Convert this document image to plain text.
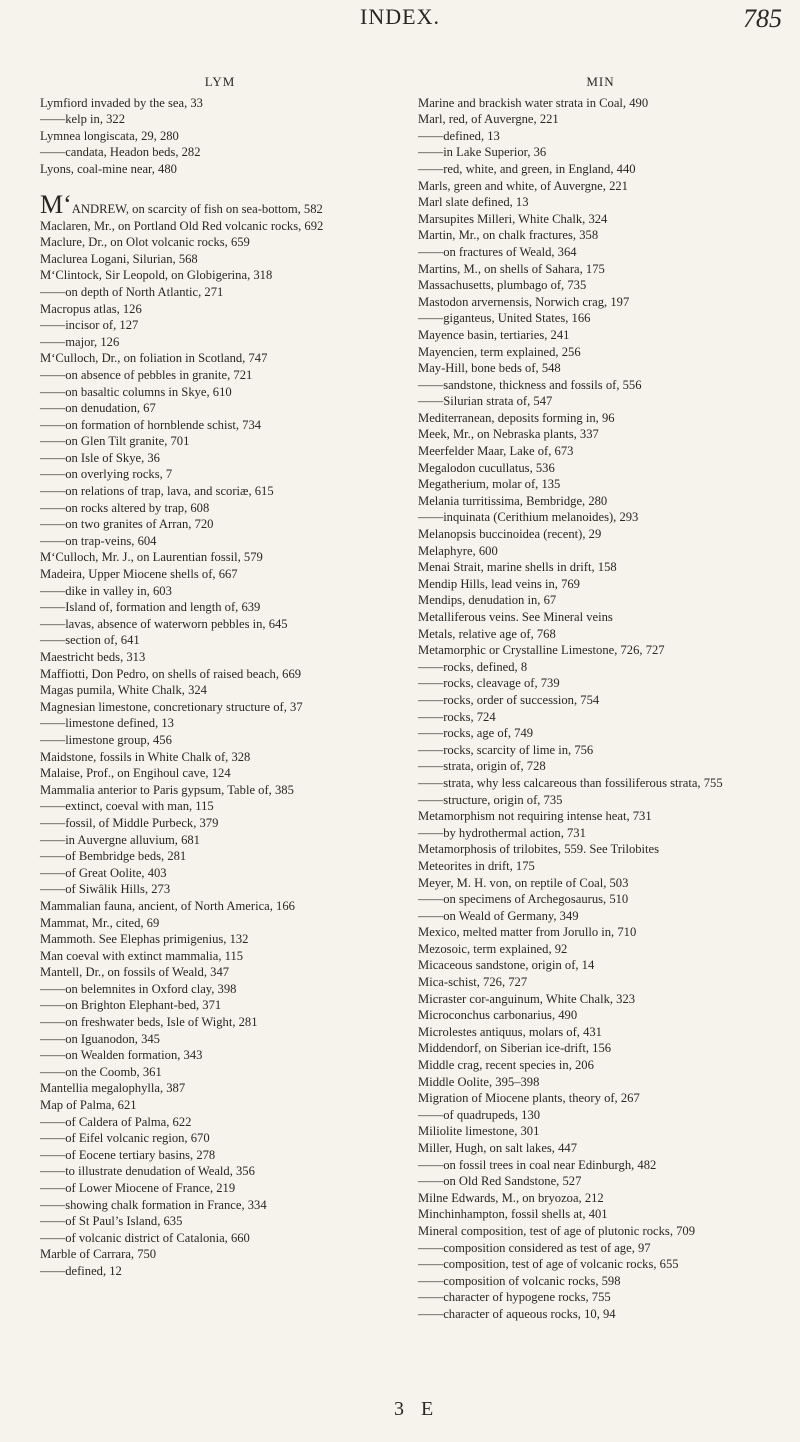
INDEX.	785
LYM
Lymfiord invaded by the sea, 33
—— kelp in, 322
Lymnea longiscata, 29, 280
—— candata, Headon beds, 282
Lyons, coal-mine near, 480
M‘ANDREW, on scarcity of fish on sea-bottom, 582
Maclaren, Mr., on Portland Old Red volcanic rocks, 692
Maclure, Dr., on Olot volcanic rocks, 659
Maclurea Logani, Silurian, 568
M‘Clintock, Sir Leopold, on Globigerina, 318
—— on depth of North Atlantic, 271
Macropus atlas, 126
—— incisor of, 127
—— major, 126
M‘Culloch, Dr., on foliation in Scotland, 747
—— on absence of pebbles in granite, 721
—— on basaltic columns in Skye, 610
—— on denudation, 67
—— on formation of hornblende schist, 734
—— on Glen Tilt granite, 701
—— on Isle of Skye, 36
—— on overlying rocks, 7
—— on relations of trap, lava, and scoriæ, 615
—— on rocks altered by trap, 608
—— on two granites of Arran, 720
—— on trap-veins, 604
M‘Culloch, Mr. J., on Laurentian fossil, 579
Madeira, Upper Miocene shells of, 667
—— dike in valley in, 603
—— Island of, formation and length of, 639
—— lavas, absence of waterworn pebbles in, 645
—— section of, 641
Maestricht beds, 313
Maffiotti, Don Pedro, on shells of raised beach, 669
Magas pumila, White Chalk, 324
Magnesian limestone, concretionary structure of, 37
—— limestone defined, 13
—— limestone group, 456
Maidstone, fossils in White Chalk of, 328
Malaise, Prof., on Engihoul cave, 124
Mammalia anterior to Paris gypsum, Table of, 385
—— extinct, coeval with man, 115
—— fossil, of Middle Purbeck, 379
—— in Auvergne alluvium, 681
—— of Bembridge beds, 281
—— of Great Oolite, 403
—— of Siwâlik Hills, 273
Mammalian fauna, ancient, of North America, 166
Mammat, Mr., cited, 69
Mammoth. See Elephas primigenius, 132
Man coeval with extinct mammalia, 115
Mantell, Dr., on fossils of Weald, 347
—— on belemnites in Oxford clay, 398
—— on Brighton Elephant-bed, 371
—— on freshwater beds, Isle of Wight, 281
—— on Iguanodon, 345
—— on Wealden formation, 343
—— on the Coomb, 361
Mantellia megalophylla, 387
Map of Palma, 621
—— of Caldera of Palma, 622
—— of Eifel volcanic region, 670
—— of Eocene tertiary basins, 278
—— to illustrate denudation of Weald, 356
—— of Lower Miocene of France, 219
—— showing chalk formation in France, 334
—— of St Paul’s Island, 635
—— of volcanic district of Catalonia, 660
Marble of Carrara, 750
—— defined, 12
MIN
Marine and brackish water strata in Coal, 490
Marl, red, of Auvergne, 221
—— defined, 13
—— in Lake Superior, 36
—— red, white, and green, in England, 440
Marls, green and white, of Auvergne, 221
Marl slate defined, 13
Marsupites Milleri, White Chalk, 324
Martin, Mr., on chalk fractures, 358
—— on fractures of Weald, 364
Martins, M., on shells of Sahara, 175
Massachusetts, plumbago of, 735
Mastodon arvernensis, Norwich crag, 197
—— giganteus, United States, 166
Mayence basin, tertiaries, 241
Mayencien, term explained, 256
May-Hill, bone beds of, 548
—— sandstone, thickness and fossils of, 556
—— Silurian strata of, 547
Mediterranean, deposits forming in, 96
Meek, Mr., on Nebraska plants, 337
Meerfelder Maar, Lake of, 673
Megalodon cucullatus, 536
Megatherium, molar of, 135
Melania turritissima, Bembridge, 280
—— inquinata (Cerithium melanoides), 293
Melanopsis buccinoidea (recent), 29
Melaphyre, 600
Menai Strait, marine shells in drift, 158
Mendip Hills, lead veins in, 769
Mendips, denudation in, 67
Metalliferous veins. See Mineral veins
Metals, relative age of, 768
Metamorphic or Crystalline Limestone, 726, 727
—— rocks, defined, 8
—— rocks, cleavage of, 739
—— rocks, order of succession, 754
—— rocks, 724
—— rocks, age of, 749
—— rocks, scarcity of lime in, 756
—— strata, origin of, 728
—— strata, why less calcareous than fossiliferous strata, 755
—— structure, origin of, 735
Metamorphism not requiring intense heat, 731
—— by hydrothermal action, 731
Metamorphosis of trilobites, 559. See Trilobites
Meteorites in drift, 175
Meyer, M. H. von, on reptile of Coal, 503
—— on specimens of Archegosaurus, 510
—— on Weald of Germany, 349
Mexico, melted matter from Jorullo in, 710
Mezosoic, term explained, 92
Micaceous sandstone, origin of, 14
Mica-schist, 726, 727
Micraster cor-anguinum, White Chalk, 323
Microconchus carbonarius, 490
Microlestes antiquus, molars of, 431
Middendorf, on Siberian ice-drift, 156
Middle crag, recent species in, 206
Middle Oolite, 395–398
Migration of Miocene plants, theory of, 267
—— of quadrupeds, 130
Miliolite limestone, 301
Miller, Hugh, on salt lakes, 447
—— on fossil trees in coal near Edinburgh, 482
—— on Old Red Sandstone, 527
Milne Edwards, M., on bryozoa, 212
Minchinhampton, fossil shells at, 401
Mineral composition, test of age of plutonic rocks, 709
—— composition considered as test of age, 97
—— composition, test of age of volcanic rocks, 655
—— composition of volcanic rocks, 598
—— character of hypogene rocks, 755
—— character of aqueous rocks, 10, 94
3 E
